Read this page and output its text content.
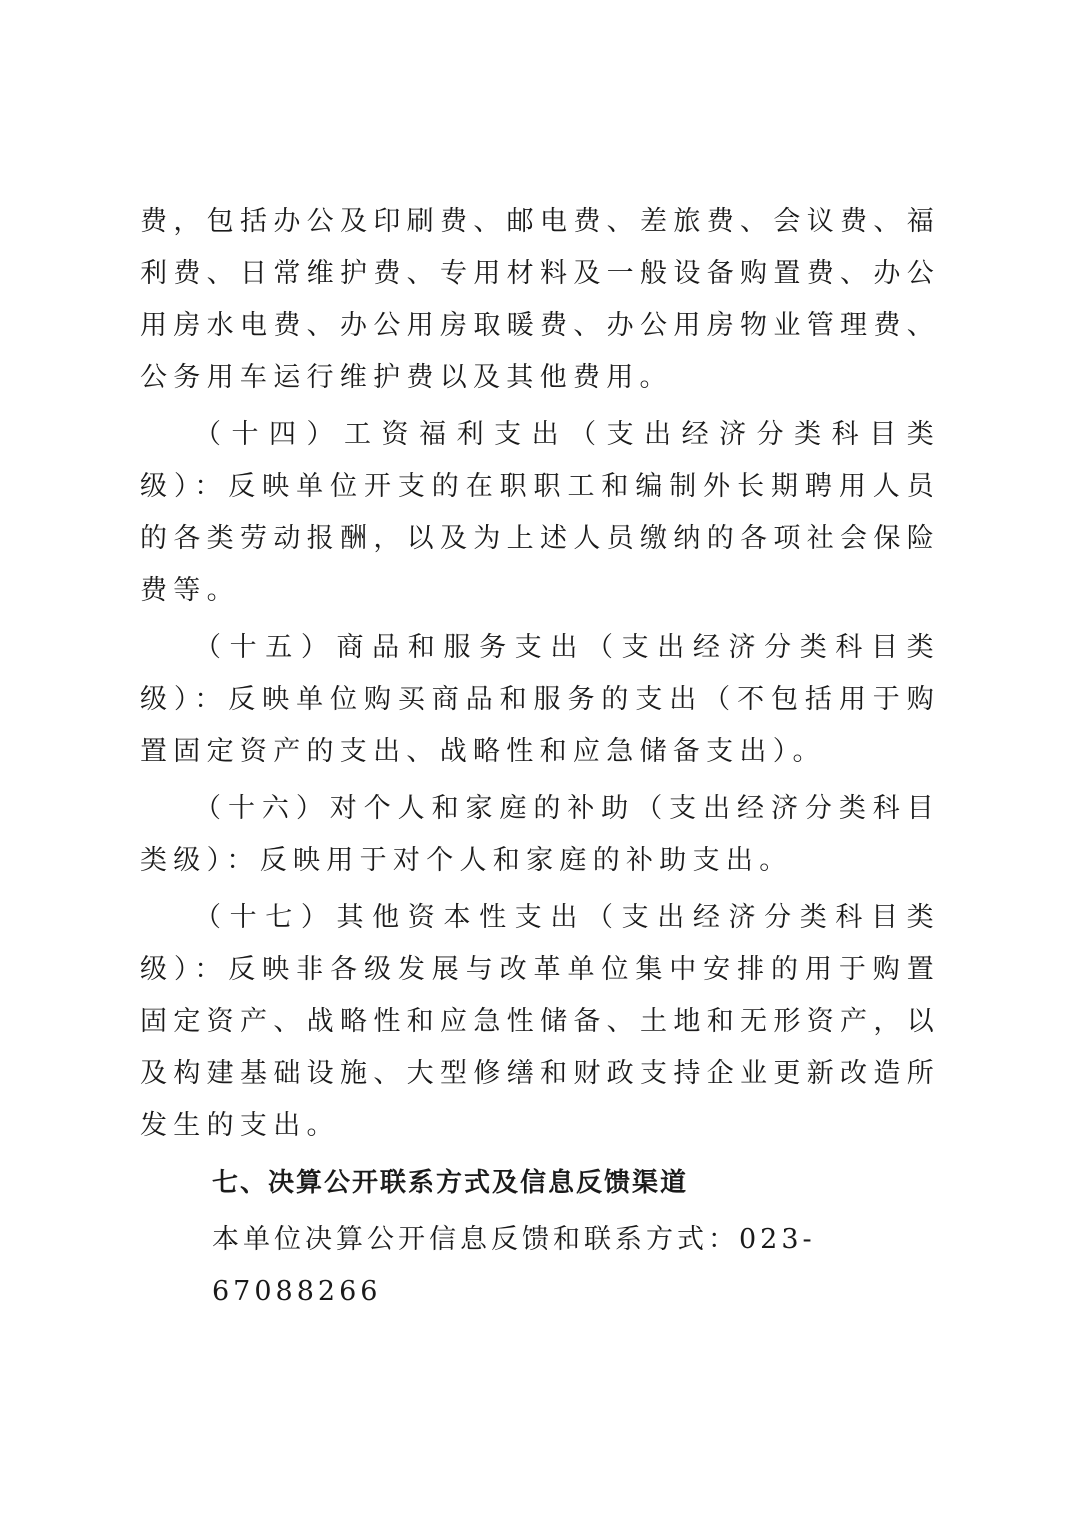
费，包括办公及印刷费、邮电费、差旅费、会议费、福利费、日常维护费、专用材料及一般设备购置费、办公用房水电费、办公用房取暖费、办公用房物业管理费、公务用车运行维护费以及其他费用。

（十四）工资福利支出（支出经济分类科目类级）：反映单位开支的在职职工和编制外长期聘用人员的各类劳动报酬，以及为上述人员缴纳的各项社会保险费等。

（十五）商品和服务支出（支出经济分类科目类级）：反映单位购买商品和服务的支出（不包括用于购置固定资产的支出、战略性和应急储备支出）。

（十六）对个人和家庭的补助（支出经济分类科目类级）：反映用于对个人和家庭的补助支出。

（十七）其他资本性支出（支出经济分类科目类级）：反映非各级发展与改革单位集中安排的用于购置固定资产、战略性和应急性储备、土地和无形资产，以及构建基础设施、大型修缮和财政支持企业更新改造所发生的支出。

七、决算公开联系方式及信息反馈渠道

本单位决算公开信息反馈和联系方式：023-67088266
